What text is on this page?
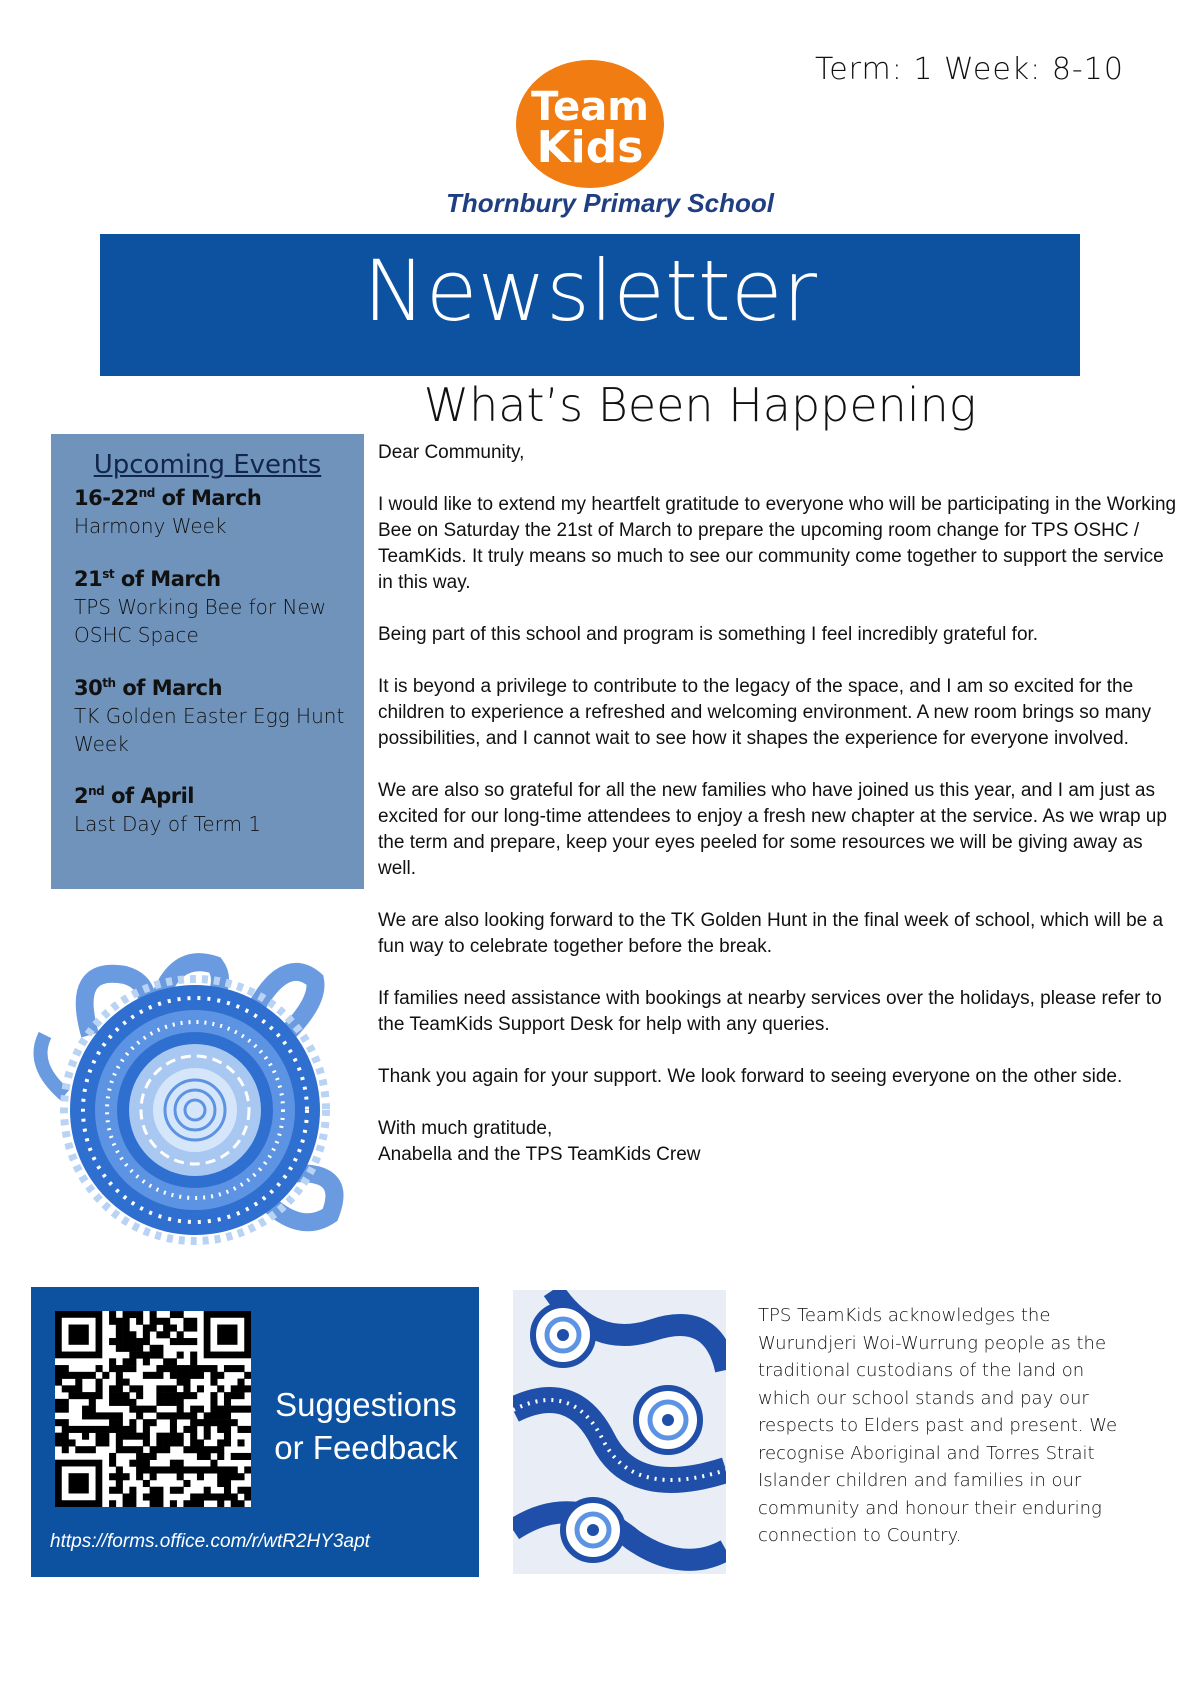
Team
Kids
Term: 1 Week: 8-10
Thornbury Primary School
Newsletter
What’s Been Happening
Upcoming Events
16-22nd of March
Harmony Week
21st of March
TPS Working Bee for New OSHC Space
30th of March
TK Golden Easter Egg Hunt Week
2nd of April
Last Day of Term 1

Dear Community,

I would like to extend my heartfelt gratitude to everyone who will be participating in the Working Bee on Saturday the 21st of March to prepare the upcoming room change for TPS OSHC / TeamKids. It truly means so much to see our community come together to support the service in this way.

Being part of this school and program is something I feel incredibly grateful for.

It is beyond a privilege to contribute to the legacy of the space, and I am so excited for the children to experience a refreshed and welcoming environment. A new room brings so many possibilities, and I cannot wait to see how it shapes the experience for everyone involved.

We are also so grateful for all the new families who have joined us this year, and I am just as excited for our long-time attendees to enjoy a fresh new chapter at the service. As we wrap up the term and prepare, keep your eyes peeled for some resources we will be giving away as well.

We are also looking forward to the TK Golden Hunt in the final week of school, which will be a fun way to celebrate together before the break.

If families need assistance with bookings at nearby services over the holidays, please refer to the TeamKids Support Desk for help with any queries.

Thank you again for your support. We look forward to seeing everyone on the other side.

With much gratitude,

Anabella and the TPS TeamKids Crew

Suggestions
or Feedback
https://forms.office.com/r/wtR2HY3apt
TPS TeamKids acknowledges the Wurundjeri Woi-Wurrung people as the traditional custodians of the land on which our school stands and pay our respects to Elders past and present. We recognise Aboriginal and Torres Strait Islander children and families in our community and honour their enduring connection to Country.
